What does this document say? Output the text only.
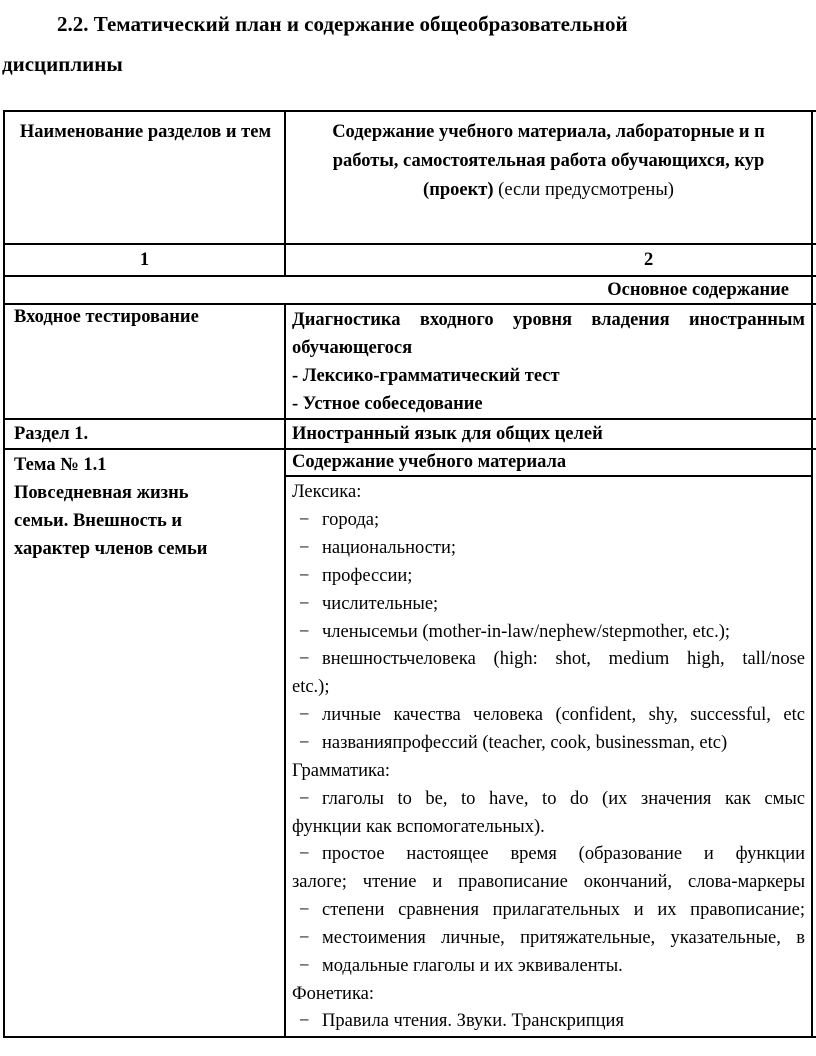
2.2. Тематический план и содержание общеобразовательной
дисциплины
Наименование разделов и тем	Содержание учебного материала, лабораторные и п
работы, самостоятельная работа обучающихся, кур
(проект) (если предусмотрены)	

1	2	
Основное содержание		
Входное тестирование	Диагностика входного уровня владения иностранным
обучающегося
- Лексико-грамматический тест
- Устное собеседование	

Раздел 1.	Иностранный язык для общих целей	

Тема № 1.1
Повседневная жизнь
семьи. Внешность и
характер членов семьи	Содержание учебного материала	

Лексика:
− города;
− национальности;
− профессии;
− числительные;
− членысемьи (mother-in-law/nephew/stepmother, etc.);
− внешностьчеловека (high: shot, medium high, tall/nose
etc.);
− личные качества человека (confident, shy, successful, etc
− названияпрофессий (teacher, cook, businessman, etc)
Грамматика:
− глаголы to be, to have, to do (их значения как смыс
функции как вспомогательных).
− простое настоящее время (образование и функции
залоге; чтение и правописание окончаний, слова-маркеры
− степени сравнения прилагательных и их правописание;
− местоимения личные, притяжательные, указательные, в
− модальные глаголы и их эквиваленты.
Фонетика:
− Правила чтения. Звуки. Транскрипция
